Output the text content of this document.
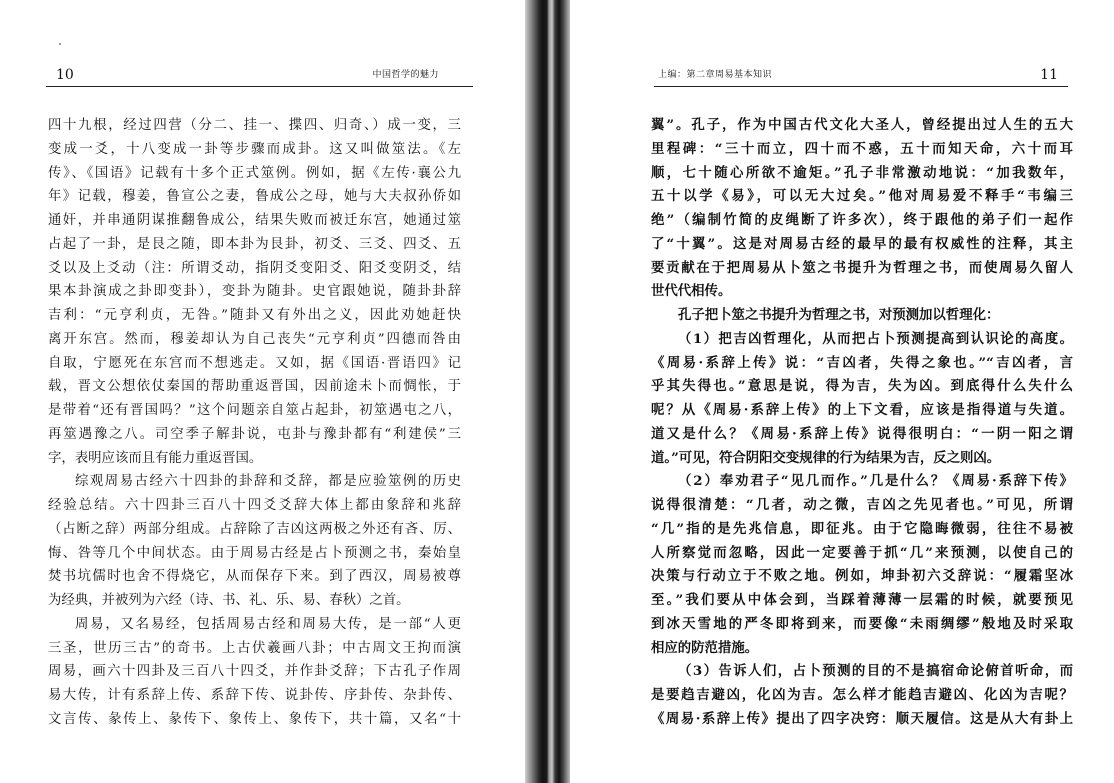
10	中国哲学的魅力
四十九根，经过四营（分二、挂一、揲四、归奇、）成一变，三
变成一爻，十八变成一卦等步骤而成卦。这又叫做筮法。《左
传》、《国语》记载有十多个正式筮例。例如，据《左传·襄公九
年》记载，穆姜，鲁宣公之妻，鲁成公之母，她与大夫叔孙侨如
通奸，并串通阴谋推翻鲁成公，结果失败而被迁东宫，她通过筮
占起了一卦，是艮之随，即本卦为艮卦，初爻、三爻、四爻、五
爻以及上爻动（注：所谓爻动，指阴爻变阳爻、阳爻变阴爻，结
果本卦演成之卦即变卦），变卦为随卦。史官跟她说，随卦卦辞
吉利：“元亨利贞，无咎。”随卦又有外出之义，因此劝她赶快
离开东宫。然而，穆姜却认为自己丧失“元亨利贞”四德而咎由
自取，宁愿死在东宫而不想逃走。又如，据《国语·晋语四》记
载，晋文公想依仗秦国的帮助重返晋国，因前途未卜而惆怅，于
是带着“还有晋国吗？”这个问题亲自筮占起卦，初筮遇屯之八，
再筮遇豫之八。司空季子解卦说，屯卦与豫卦都有“利建侯”三
字，表明应该而且有能力重返晋国。
综观周易古经六十四卦的卦辞和爻辞，都是应验筮例的历史
经验总结。六十四卦三百八十四爻爻辞大体上都由象辞和兆辞
（占断之辞）两部分组成。占辞除了吉凶这两极之外还有吝、厉、
悔、咎等几个中间状态。由于周易古经是占卜预测之书，秦始皇
焚书坑儒时也舍不得烧它，从而保存下来。到了西汉，周易被尊
为经典，并被列为六经（诗、书、礼、乐、易、春秋）之首。
周易，又名易经，包括周易古经和周易大传，是一部“人更
三圣，世历三古”的奇书。上古伏羲画八卦；中古周文王拘而演
周易，画六十四卦及三百八十四爻，并作卦爻辞；下古孔子作周
易大传，计有系辞上传、系辞下传、说卦传、序卦传、杂卦传、
文言传、彖传上、彖传下、象传上、象传下，共十篇，又名“十
上编：第二章周易基本知识	11
翼”。孔子，作为中国古代文化大圣人，曾经提出过人生的五大
里程碑：“三十而立，四十而不惑，五十而知天命，六十而耳
顺，七十随心所欲不逾矩。”孔子非常激动地说：“加我数年，
五十以学《易》，可以无大过矣。”他对周易爱不释手“韦编三
绝”（编制竹简的皮绳断了许多次），终于跟他的弟子们一起作
了“十翼”。这是对周易古经的最早的最有权威性的注释，其主
要贡献在于把周易从卜筮之书提升为哲理之书，而使周易久留人
世代代相传。
孔子把卜筮之书提升为哲理之书，对预测加以哲理化：
（1）把吉凶哲理化，从而把占卜预测提高到认识论的高度。
《周易·系辞上传》说：“吉凶者，失得之象也。”“吉凶者，言
乎其失得也。”意思是说，得为吉，失为凶。到底得什么失什么
呢？从《周易·系辞上传》的上下文看，应该是指得道与失道。
道又是什么？《周易·系辞上传》说得很明白：“一阴一阳之谓
道。”可见，符合阴阳交变规律的行为结果为吉，反之则凶。
（2）奉劝君子“见几而作。”几是什么？《周易·系辞下传》
说得很清楚：“几者，动之微，吉凶之先见者也。”可见，所谓
“几”指的是先兆信息，即征兆。由于它隐晦微弱，往往不易被
人所察觉而忽略，因此一定要善于抓“几”来预测，以使自己的
决策与行动立于不败之地。例如，坤卦初六爻辞说：“履霜坚冰
至。”我们要从中体会到，当踩着薄薄一层霜的时候，就要预见
到冰天雪地的严冬即将到来，而要像“未雨绸缪”般地及时采取
相应的防范措施。
（3）告诉人们，占卜预测的目的不是搞宿命论俯首听命，而
是要趋吉避凶，化凶为吉。怎么样才能趋吉避凶、化凶为吉呢？
《周易·系辞上传》提出了四字决窍：顺天履信。这是从大有卦上
